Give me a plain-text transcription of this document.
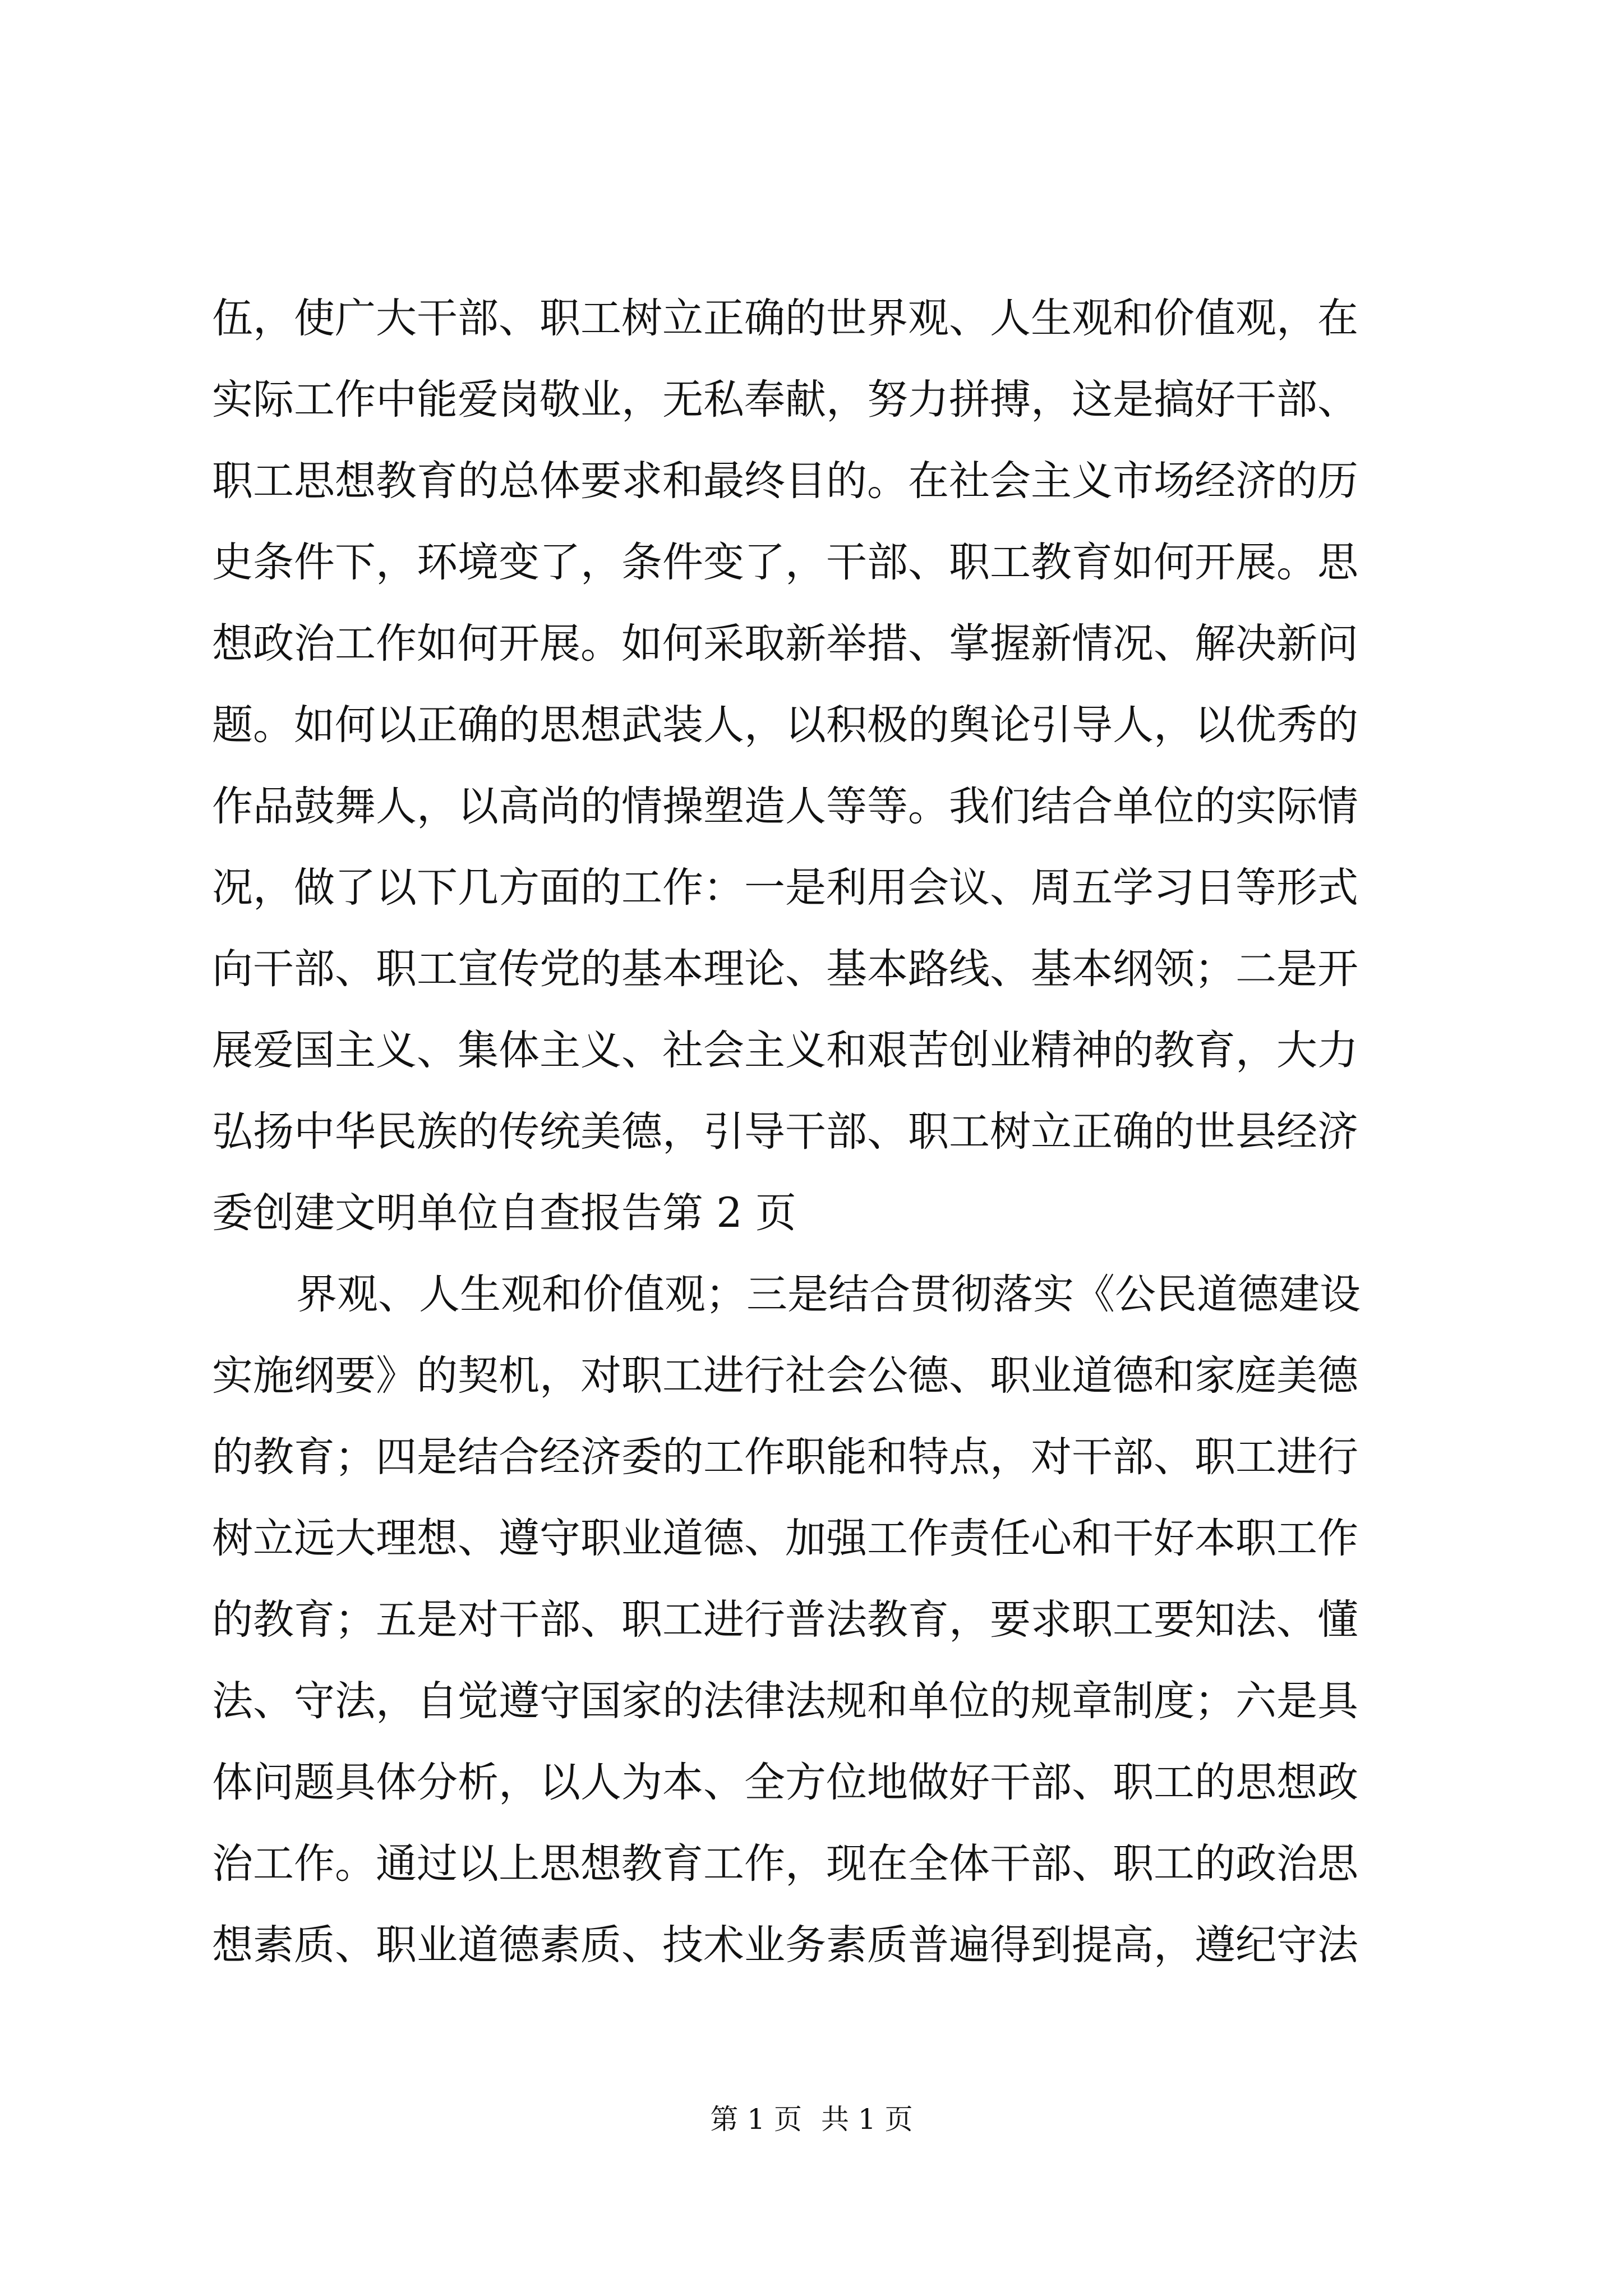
伍，使广大干部、职工树立正确的世界观、人生观和价值观，在

实际工作中能爱岗敬业，无私奉献，努力拼搏，这是搞好干部、

职工思想教育的总体要求和最终目的。在社会主义市场经济的历

史条件下，环境变了，条件变了，干部、职工教育如何开展。思

想政治工作如何开展。如何采取新举措、掌握新情况、解决新问

题。如何以正确的思想武装人，以积极的舆论引导人，以优秀的

作品鼓舞人，以高尚的情操塑造人等等。我们结合单位的实际情

况，做了以下几方面的工作：一是利用会议、周五学习日等形式

向干部、职工宣传党的基本理论、基本路线、基本纲领；二是开

展爱国主义、集体主义、社会主义和艰苦创业精神的教育，大力

弘扬中华民族的传统美德，引导干部、职工树立正确的世县经济

委创建文明单位自查报告第 2 页

界观、人生观和价值观；三是结合贯彻落实《公民道德建设

实施纲要》的契机，对职工进行社会公德、职业道德和家庭美德

的教育；四是结合经济委的工作职能和特点，对干部、职工进行

树立远大理想、遵守职业道德、加强工作责任心和干好本职工作

的教育；五是对干部、职工进行普法教育，要求职工要知法、懂

法、守法，自觉遵守国家的法律法规和单位的规章制度；六是具

体问题具体分析，以人为本、全方位地做好干部、职工的思想政

治工作。通过以上思想教育工作，现在全体干部、职工的政治思

想素质、职业道德素质、技术业务素质普遍得到提高，遵纪守法

第 1 页 共 1 页
